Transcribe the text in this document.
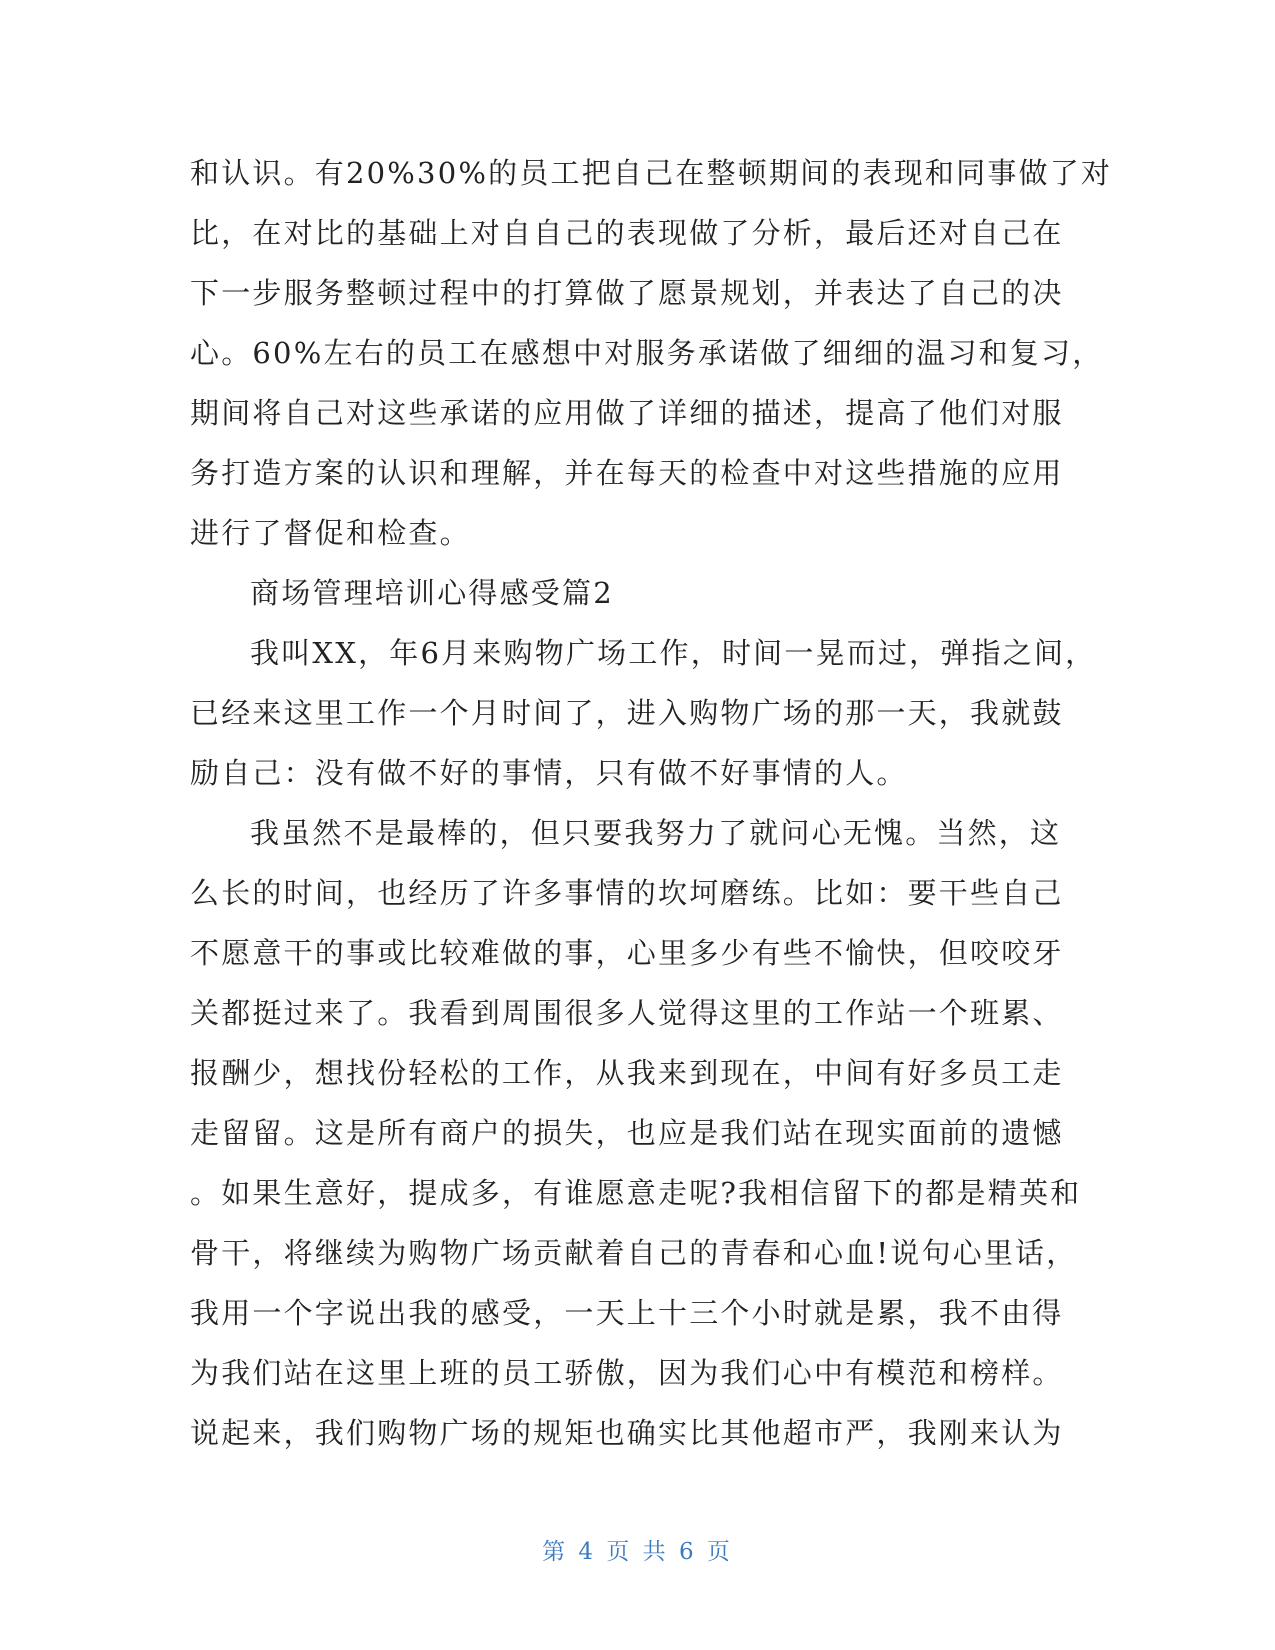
和认识。有20%30%的员工把自己在整顿期间的表现和同事做了对
比，在对比的基础上对自自己的表现做了分析，最后还对自己在
下一步服务整顿过程中的打算做了愿景规划，并表达了自己的决
心。60%左右的员工在感想中对服务承诺做了细细的温习和复习，
期间将自己对这些承诺的应用做了详细的描述，提高了他们对服
务打造方案的认识和理解，并在每天的检查中对这些措施的应用
进行了督促和检查。
商场管理培训心得感受篇2
我叫XX，年6月来购物广场工作，时间一晃而过，弹指之间，
已经来这里工作一个月时间了，进入购物广场的那一天，我就鼓
励自己：没有做不好的事情，只有做不好事情的人。
我虽然不是最棒的，但只要我努力了就问心无愧。当然，这
么长的时间，也经历了许多事情的坎坷磨练。比如：要干些自己
不愿意干的事或比较难做的事，心里多少有些不愉快，但咬咬牙
关都挺过来了。我看到周围很多人觉得这里的工作站一个班累、
报酬少，想找份轻松的工作，从我来到现在，中间有好多员工走
走留留。这是所有商户的损失，也应是我们站在现实面前的遗憾
。如果生意好，提成多，有谁愿意走呢?我相信留下的都是精英和
骨干，将继续为购物广场贡献着自己的青春和心血!说句心里话，
我用一个字说出我的感受，一天上十三个小时就是累，我不由得
为我们站在这里上班的员工骄傲，因为我们心中有模范和榜样。
说起来，我们购物广场的规矩也确实比其他超市严，我刚来认为
第 4 页 共 6 页
